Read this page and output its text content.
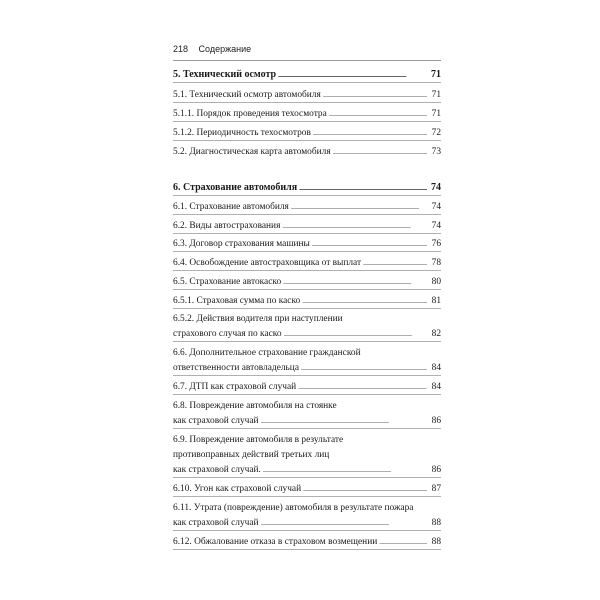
218 Содержание
5. Технический осмотр . . .	71
5.1. Технический осмотр автомобиля . . .	71
5.1.1. Порядок проведения техосмотра . . .	71
5.1.2. Периодичность техосмотров . . .	72
5.2. Диагностическая карта автомобиля . . .	73
6. Страхование автомобиля . . .	74
6.1. Страхование автомобиля . . .	74
6.2. Виды автострахования . . .	74
6.3. Договор страхования машины . . .	76
6.4. Освобождение автостраховщика от выплат . . .	78
6.5. Страхование автокаско . . .	80
6.5.1. Страховая сумма по каско . . .	81
6.5.2. Действия водителя при наступлении
страхового случая по каско . . .	82
6.6. Дополнительное страхование гражданской
ответственности автовладельца . . .	84
6.7. ДТП как страховой случай . . .	84
6.8. Повреждение автомобиля на стоянке
как страховой случай . . .	86
6.9. Повреждение автомобиля в результате
противоправных действий третьих лиц
как страховой случай. . . .	86
6.10. Угон как страховой случай . . .	87
6.11. Утрата (повреждение) автомобиля в результате пожара
как страховой случай . . .	88
6.12. Обжалование отказа в страховом возмещении . . .	88
